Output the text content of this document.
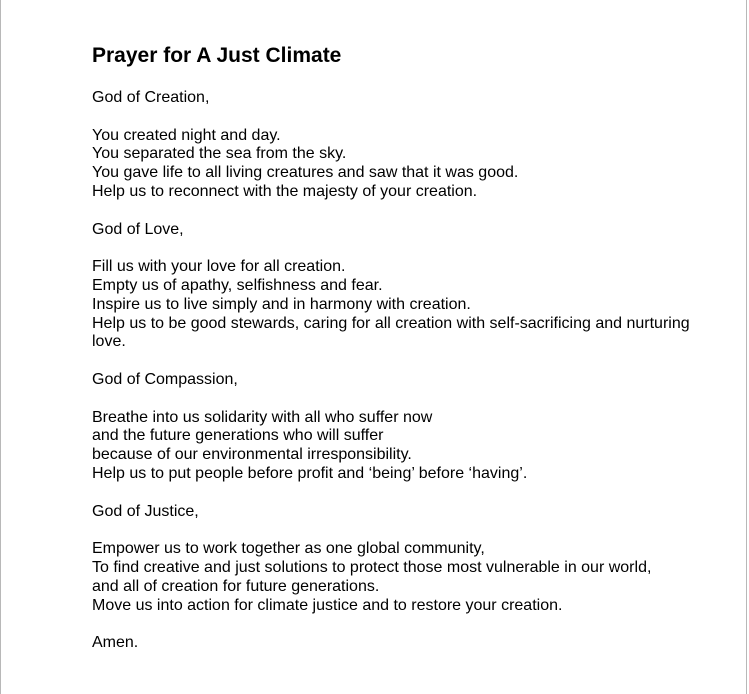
Prayer for A Just Climate
God of Creation,
You created night and day.
You separated the sea from the sky.
You gave life to all living creatures and saw that it was good.
Help us to reconnect with the majesty of your creation.
God of Love,
Fill us with your love for all creation.
Empty us of apathy, selfishness and fear.
Inspire us to live simply and in harmony with creation.
Help us to be good stewards, caring for all creation with self-sacrificing and nurturing love.
God of Compassion,
Breathe into us solidarity with all who suffer now
and the future generations who will suffer
because of our environmental irresponsibility.
Help us to put people before profit and ‘being’ before ‘having’.
God of Justice,
Empower us to work together as one global community,
To find creative and just solutions to protect those most vulnerable in our world,
and all of creation for future generations.
Move us into action for climate justice and to restore your creation.
Amen.
